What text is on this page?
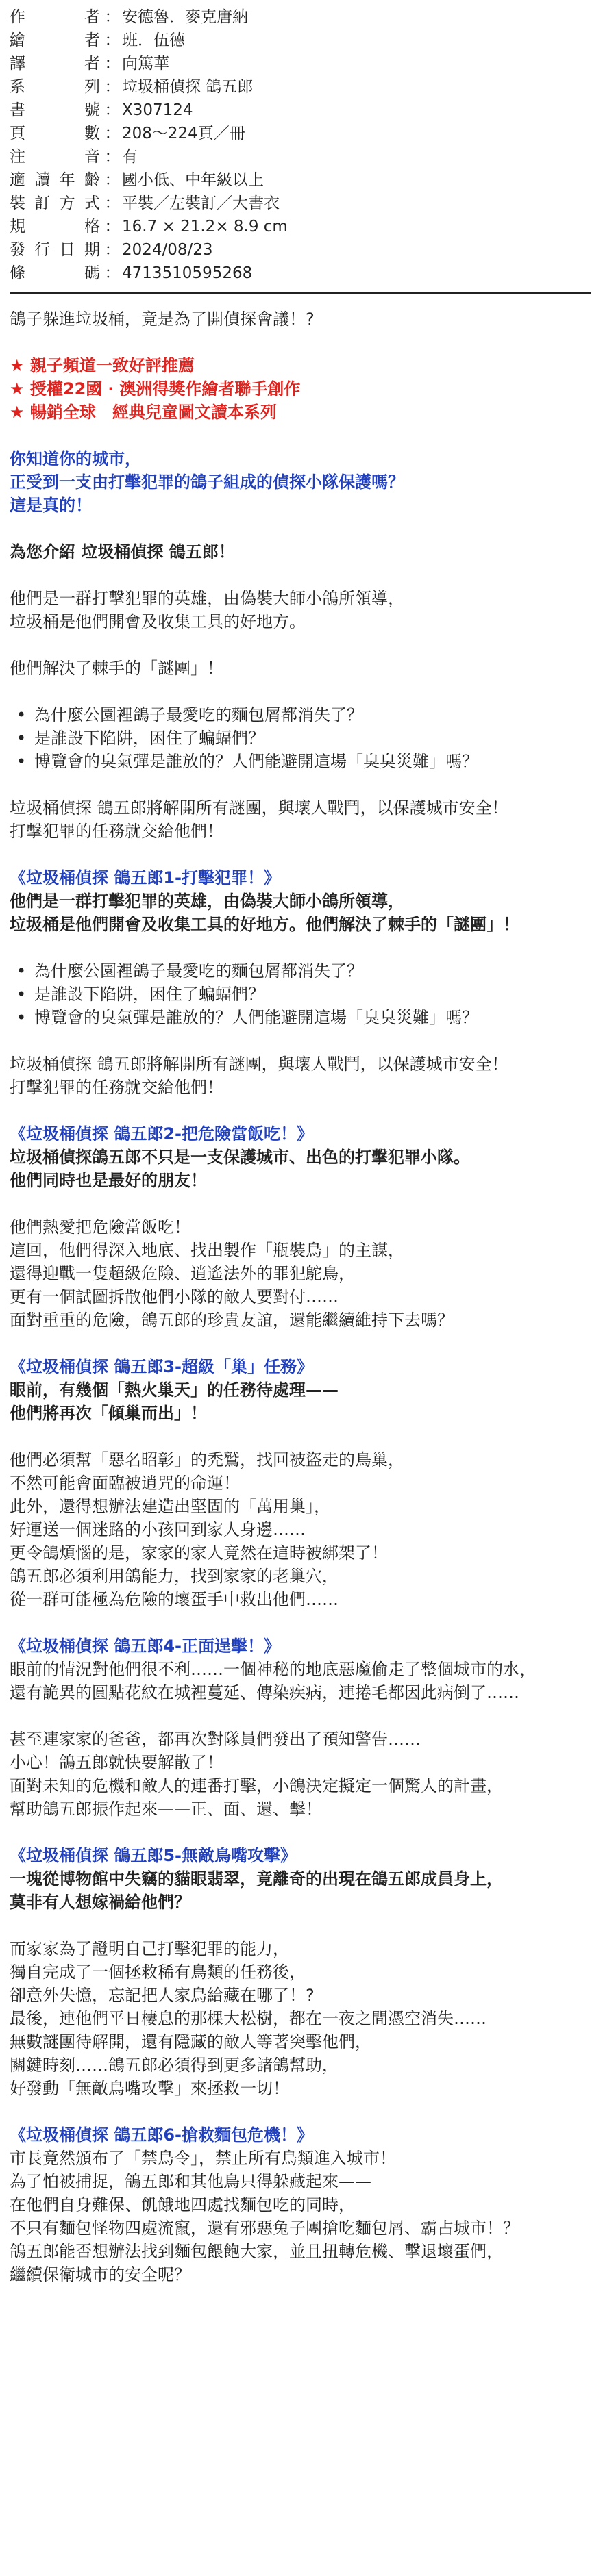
作者 ： 安德魯．麥克唐納
繪者 ： 班．伍德
譯者 ： 向篤華
系列 ： 垃圾桶偵探 鴿五郎
書號 ： X307124
頁數 ： 208～224頁／冊
注音 ： 有
適讀年齡 ： 國小低、中年級以上
裝訂方式 ： 平裝／左裝訂／大書衣
規格 ： 16.7 × 21.2× 8.9 cm
發行日期 ： 2024/08/23
條碼 ： 4713510595268
鴿子躲進垃圾桶，竟是為了開偵探會議！?
★ 親子頻道一致好評推薦
★ 授權22國 ‧ 澳洲得獎作繪者聯手創作
★ 暢銷全球　經典兒童圖文讀本系列
你知道你的城市，
正受到一支由打擊犯罪的鴿子組成的偵探小隊保護嗎？
這是真的！
為您介紹 垃圾桶偵探 鴿五郎！
他們是一群打擊犯罪的英雄，由偽裝大師小鴿所領導，
垃圾桶是他們開會及收集工具的好地方。
他們解決了棘手的「謎團」！
• 為什麼公園裡鴿子最愛吃的麵包屑都消失了？
• 是誰設下陷阱，困住了蝙蝠們？
• 博覽會的臭氣彈是誰放的？人們能避開這場「臭臭災難」嗎？
垃圾桶偵探 鴿五郎將解開所有謎團，與壞人戰鬥，以保護城市安全！
打擊犯罪的任務就交給他們！
《垃圾桶偵探 鴿五郎1-打擊犯罪！》
他們是一群打擊犯罪的英雄，由偽裝大師小鴿所領導，
垃圾桶是他們開會及收集工具的好地方。他們解決了棘手的「謎團」！
• 為什麼公園裡鴿子最愛吃的麵包屑都消失了？
• 是誰設下陷阱，困住了蝙蝠們？
• 博覽會的臭氣彈是誰放的？人們能避開這場「臭臭災難」嗎？
垃圾桶偵探 鴿五郎將解開所有謎團，與壞人戰鬥，以保護城市安全！
打擊犯罪的任務就交給他們！
《垃圾桶偵探 鴿五郎2-把危險當飯吃！》
垃圾桶偵探鴿五郎不只是一支保護城市、出色的打擊犯罪小隊。
他們同時也是最好的朋友！
他們熱愛把危險當飯吃！
這回，他們得深入地底、找出製作「瓶裝鳥」的主謀，
還得迎戰一隻超級危險、逍遙法外的罪犯鴕鳥，
更有一個試圖拆散他們小隊的敵人要對付……
面對重重的危險，鴿五郎的珍貴友誼，還能繼續維持下去嗎？
《垃圾桶偵探 鴿五郎3-超級「巢」任務》
眼前，有幾個「熱火巢天」的任務待處理——
他們將再次「傾巢而出」！
他們必須幫「惡名昭彰」的禿鷲，找回被盜走的鳥巢，
不然可能會面臨被逍咒的命運！
此外，還得想辦法建造出堅固的「萬用巢」，
好運送一個迷路的小孩回到家人身邊……
更令鴿煩惱的是，家家的家人竟然在這時被綁架了！
鴿五郎必須利用鴿能力，找到家家的老巢穴，
從一群可能極為危險的壞蛋手中救出他們……
《垃圾桶偵探 鴿五郎4-正面逞擊！》
眼前的情況對他們很不利……一個神秘的地底惡魔偷走了整個城市的水，
還有詭異的圓點花紋在城裡蔓延、傳染疾病，連捲毛都因此病倒了……
甚至連家家的爸爸，都再次對隊員們發出了預知警告……
小心！鴿五郎就快要解散了！
面對未知的危機和敵人的連番打擊，小鴿決定擬定一個驚人的計畫，
幫助鴿五郎振作起來——正、面、還、擊！
《垃圾桶偵探 鴿五郎5-無敵鳥嘴攻擊》
一塊從博物館中失竊的貓眼翡翠，竟離奇的出現在鴿五郎成員身上，
莫非有人想嫁禍給他們？
而家家為了證明自己打擊犯罪的能力，
獨自完成了一個拯救稀有鳥類的任務後，
卻意外失憶，忘記把人家鳥給藏在哪了！?
最後，連他們平日棲息的那棵大松樹，都在一夜之間憑空消失……
無數謎團待解開，還有隱藏的敵人等著突擊他們，
關鍵時刻……鴿五郎必須得到更多諸鴿幫助，
好發動「無敵鳥嘴攻擊」來拯救一切！
《垃圾桶偵探 鴿五郎6-搶救麵包危機！》
市長竟然頒布了「禁鳥令」，禁止所有鳥類進入城市！
為了怕被捕捉，鴿五郎和其他鳥只得躲藏起來——
在他們自身難保、飢餓地四處找麵包吃的同時，
不只有麵包怪物四處流竄，還有邪惡兔子團搶吃麵包屑、霸占城市！？
鴿五郎能否想辦法找到麵包餵飽大家，並且扭轉危機、擊退壞蛋們，
繼續保衛城市的安全呢？
